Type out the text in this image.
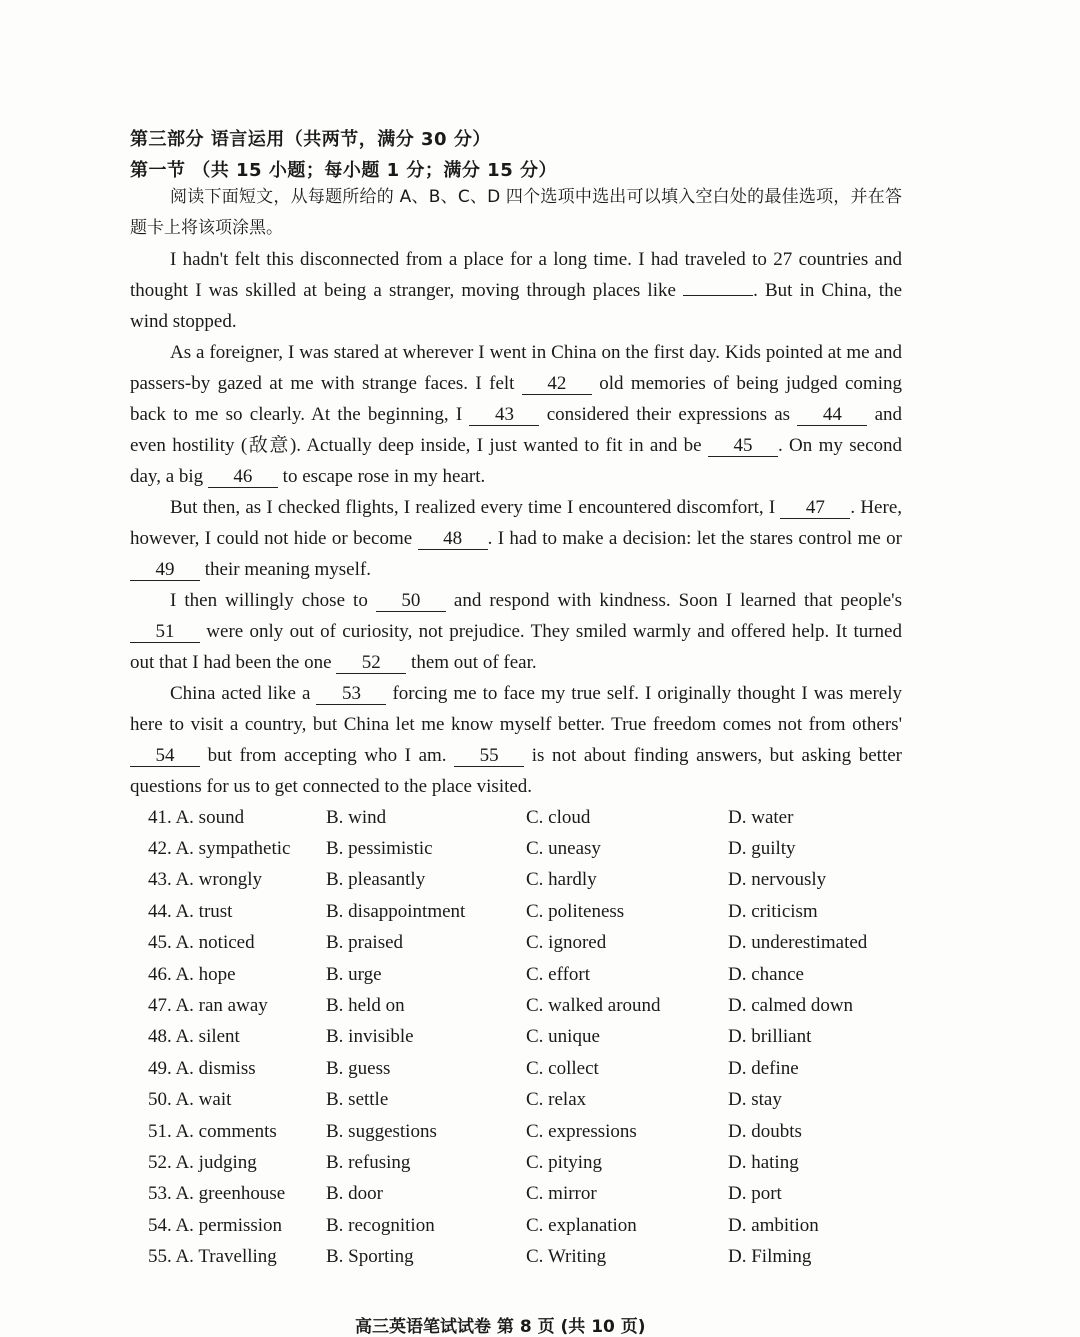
第三部分 语言运用（共两节，满分 30 分）
第一节 （共 15 小题；每小题 1 分；满分 15 分）

阅读下面短文，从每题所给的 A、B、C、D 四个选项中选出可以填入空白处的最佳选项，并在答题卡上将该项涂黑。

I hadn't felt this disconnected from a place for a long time. I had traveled to 27 countries and thought I was skilled at being a stranger, moving through places like	. But in China, the wind stopped.

As a foreigner, I was stared at wherever I went in China on the first day. Kids pointed at me and passers-by gazed at me with strange faces. I felt 42 old memories of being judged coming back to me so clearly. At the beginning, I 43 considered their expressions as 44 and even hostility (敌意). Actually deep inside, I just wanted to fit in and be 45 . On my second day, a big 46 to escape rose in my heart.

But then, as I checked flights, I realized every time I encountered discomfort, I 47 . Here, however, I could not hide or become 48 . I had to make a decision: let the stares control me or 49 their meaning myself.

I then willingly chose to 50 and respond with kindness. Soon I learned that people's 51 were only out of curiosity, not prejudice. They smiled warmly and offered help. It turned out that I had been the one 52 them out of fear.

China acted like a 53 forcing me to face my true self. I originally thought I was merely here to visit a country, but China let me know myself better. True freedom comes not from others' 54 but from accepting who I am. 55 is not about finding answers, but asking better questions for us to get connected to the place visited.

41. A. sound	B. wind	C. cloud	D. water
42. A. sympathetic	B. pessimistic	C. uneasy	D. guilty
43. A. wrongly	B. pleasantly	C. hardly	D. nervously
44. A. trust	B. disappointment	C. politeness	D. criticism
45. A. noticed	B. praised	C. ignored	D. underestimated
46. A. hope	B. urge	C. effort	D. chance
47. A. ran away	B. held on	C. walked around	D. calmed down
48. A. silent	B. invisible	C. unique	D. brilliant
49. A. dismiss	B. guess	C. collect	D. define
50. A. wait	B. settle	C. relax	D. stay
51. A. comments	B. suggestions	C. expressions	D. doubts
52. A. judging	B. refusing	C. pitying	D. hating
53. A. greenhouse	B. door	C. mirror	D. port
54. A. permission	B. recognition	C. explanation	D. ambition
55. A. Travelling	B. Sporting	C. Writing	D. Filming
高三英语笔试试卷 第 8 页 (共 10 页)
